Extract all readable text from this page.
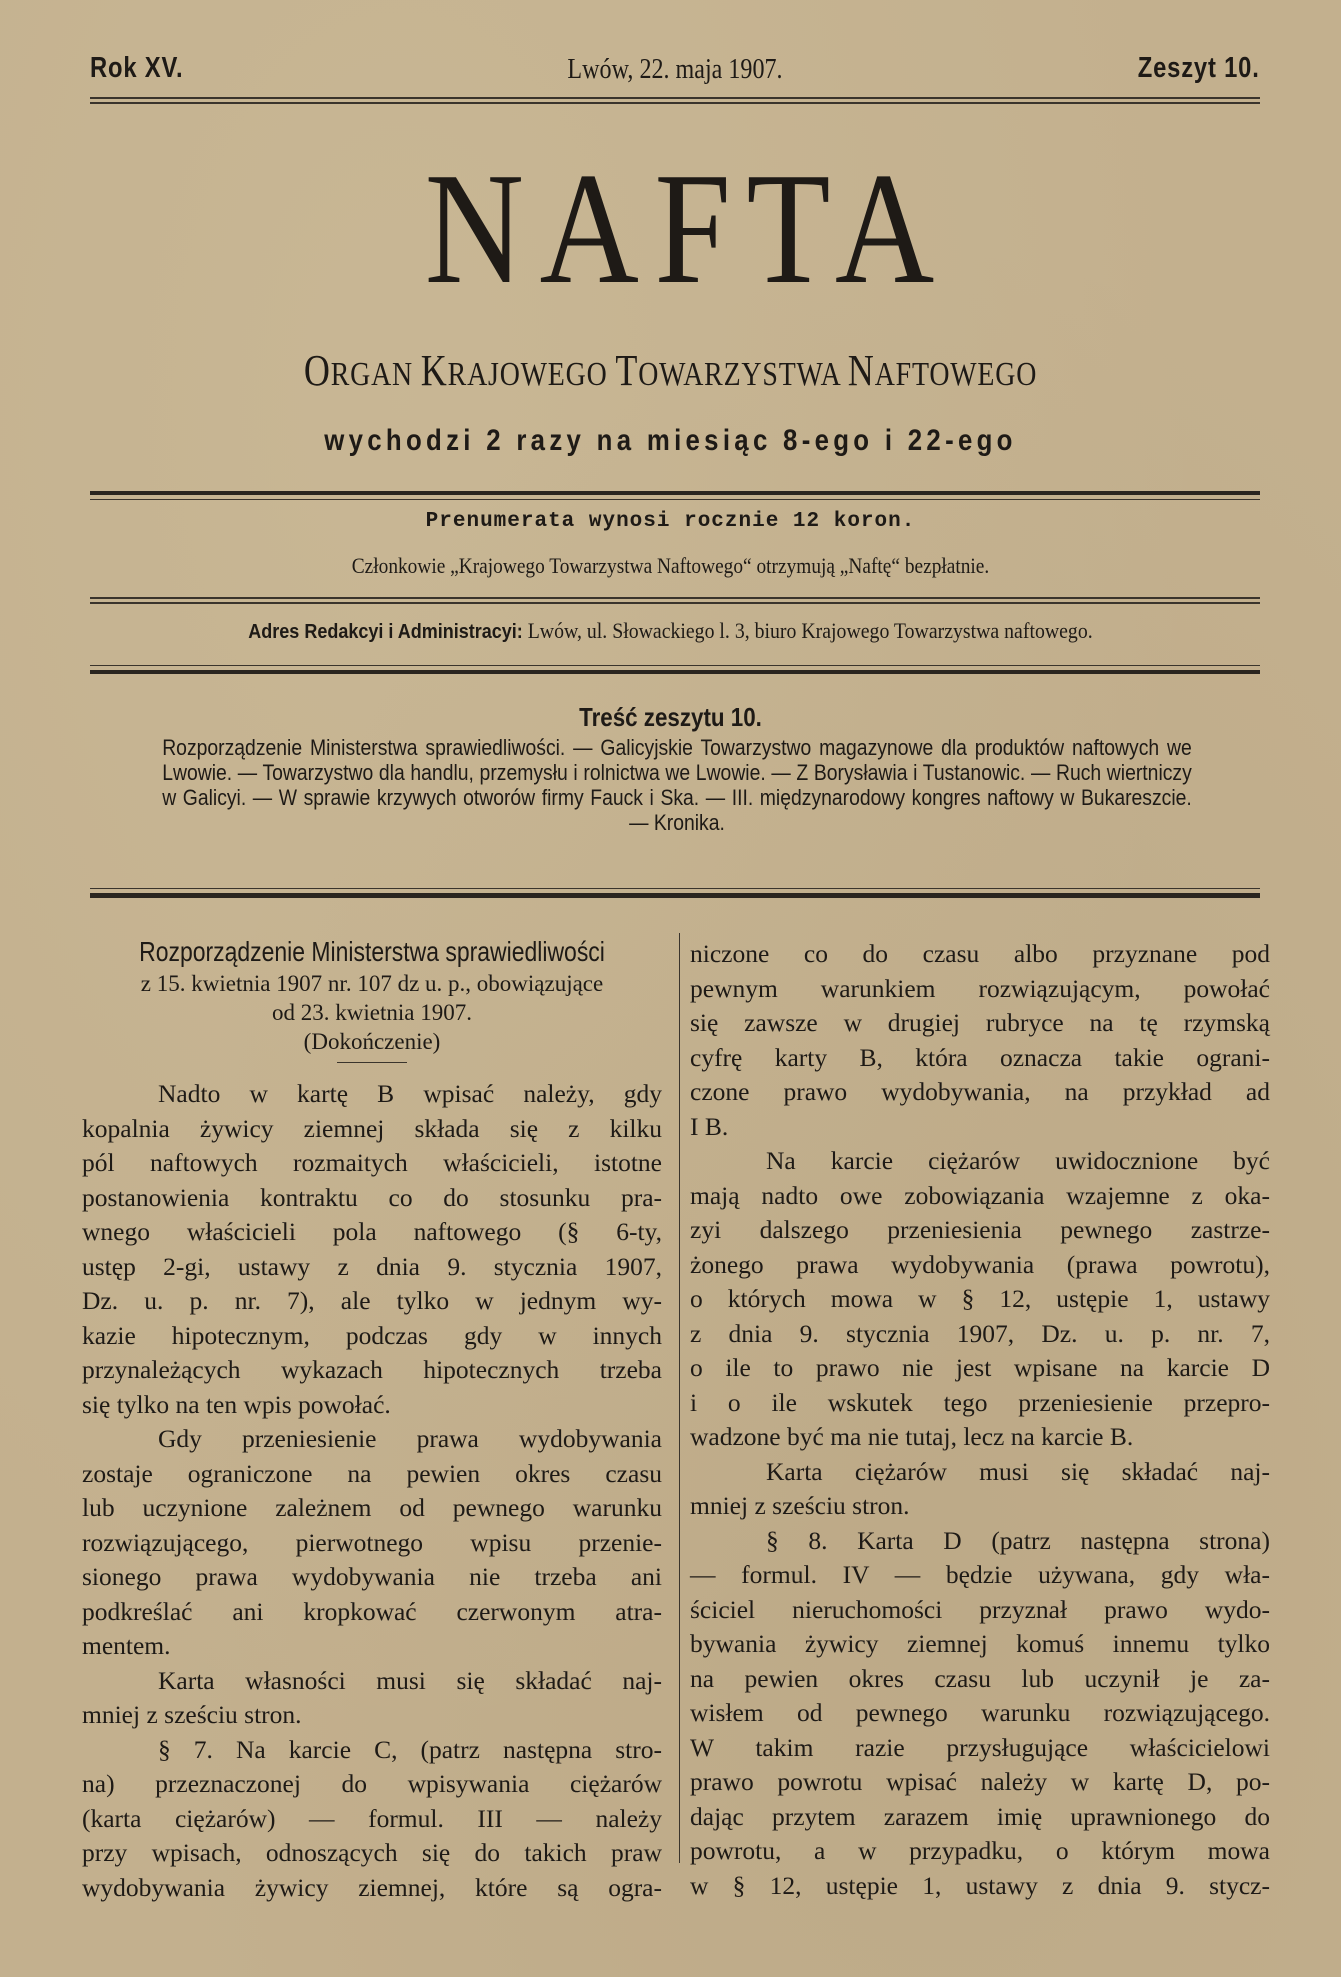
Rok XV.	Lwów, 22. maja 1907.	Zeszyt 10.
NAFTA
ORGAN KRAJOWEGO TOWARZYSTWA NAFTOWEGO
wychodzi 2 razy na miesiąc 8-ego i 22-ego
Prenumerata wynosi rocznie 12 koron.
Członkowie „Krajowego Towarzystwa Naftowego“ otrzymują „Naftę“ bezpłatnie.
Adres Redakcyi i Administracyi: Lwów, ul. Słowackiego l. 3, biuro Krajowego Towarzystwa naftowego.
Treść zeszytu 10.
Rozporządzenie Ministerstwa sprawiedliwości. — Galicyjskie Towarzystwo magazynowe dla produktów naftowych we Lwowie. — Towarzystwo dla handlu, przemysłu i rolnictwa we Lwowie. — Z Borysławia i Tustanowic. — Ruch wiertniczy w Galicyi. — W sprawie krzywych otworów firmy Fauck i Ska. — III. międzynarodowy kongres naftowy w Bukareszcie. — Kronika.
Rozporządzenie Ministerstwa sprawiedliwości
z 15. kwietnia 1907 nr. 107 dz u. p., obowiązujące
od 23. kwietnia 1907.
(Dokończenie)
Nadto w kartę B wpisać należy, gdy
kopalnia żywicy ziemnej składa się z kilku
pól naftowych rozmaitych właścicieli, istotne
postanowienia kontraktu co do stosunku pra-
wnego właścicieli pola naftowego (§ 6-ty,
ustęp 2-gi, ustawy z dnia 9. stycznia 1907,
Dz. u. p. nr. 7), ale tylko w jednym wy-
kazie hipotecznym, podczas gdy w innych
przynależących wykazach hipotecznych trzeba
się tylko na ten wpis powołać.
Gdy przeniesienie prawa wydobywania
zostaje ograniczone na pewien okres czasu
lub uczynione zależnem od pewnego warunku
rozwiązującego, pierwotnego wpisu przenie-
sionego prawa wydobywania nie trzeba ani
podkreślać ani kropkować czerwonym atra-
mentem.
Karta własności musi się składać naj-
mniej z sześciu stron.
§ 7. Na karcie C, (patrz następna stro-
na) przeznaczonej do wpisywania ciężarów
(karta ciężarów) — formul. III — należy
przy wpisach, odnoszących się do takich praw
wydobywania żywicy ziemnej, które są ogra-
niczone co do czasu albo przyznane pod
pewnym warunkiem rozwiązującym, powołać
się zawsze w drugiej rubryce na tę rzymską
cyfrę karty B, która oznacza takie ograni-
czone prawo wydobywania, na przykład ad
I B.
Na karcie ciężarów uwidocznione być
mają nadto owe zobowiązania wzajemne z oka-
zyi dalszego przeniesienia pewnego zastrze-
żonego prawa wydobywania (prawa powrotu),
o których mowa w § 12, ustępie 1, ustawy
z dnia 9. stycznia 1907, Dz. u. p. nr. 7,
o ile to prawo nie jest wpisane na karcie D
i o ile wskutek tego przeniesienie przepro-
wadzone być ma nie tutaj, lecz na karcie B.
Karta ciężarów musi się składać naj-
mniej z sześciu stron.
§ 8. Karta D (patrz następna strona)
— formul. IV — będzie używana, gdy wła-
ściciel nieruchomości przyznał prawo wydo-
bywania żywicy ziemnej komuś innemu tylko
na pewien okres czasu lub uczynił je za-
wisłem od pewnego warunku rozwiązującego.
W takim razie przysługujące właścicielowi
prawo powrotu wpisać należy w kartę D, po-
dając przytem zarazem imię uprawnionego do
powrotu, a w przypadku, o którym mowa
w § 12, ustępie 1, ustawy z dnia 9. stycz-
